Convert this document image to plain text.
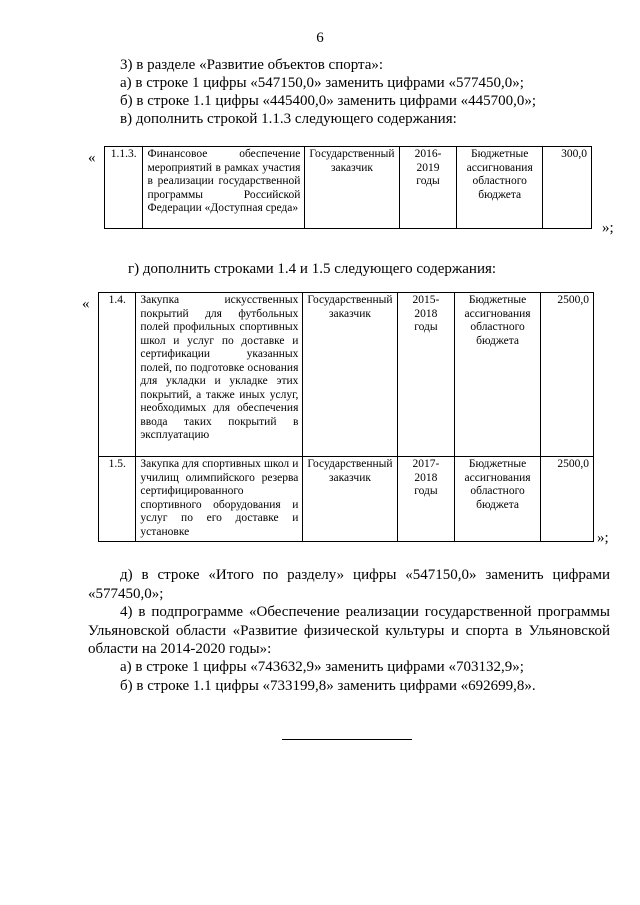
6
3) в разделе «Развитие объектов спорта»:
а) в строке 1 цифры «547150,0» заменить цифрами «577450,0»;
б) в строке 1.1 цифры «445400,0» заменить цифрами «445700,0»;
в) дополнить строкой 1.1.3 следующего содержания:
« 1.1.3.	Финансовое обеспечение мероприятий в рамках участия в реализации государственной программы Российской Федерации «Доступная среда»	Государственный заказчик	2016-2019 годы	Бюджетные ассигнования областного бюджета	300,0
»;
г) дополнить строками 1.4 и 1.5 следующего содержания:
« 1.4.	Закупка искусственных покрытий для футбольных полей профильных спортивных школ и услуг по доставке и сертификации указанных полей, по подготовке основания для укладки и укладке этих покрытий, а также иных услуг, необходимых для обеспечения ввода таких покрытий в эксплуатацию	Государственный заказчик	2015-2018 годы	Бюджетные ассигнования областного бюджета	2500,0
1.5.	Закупка для спортивных школ и училищ олимпийского резерва сертифицированного спортивного оборудования и услуг по его доставке и установке	Государственный заказчик	2017-2018 годы	Бюджетные ассигнования областного бюджета	2500,0
»;
д) в строке «Итого по разделу» цифры «547150,0» заменить цифрами «577450,0»;
4) в подпрограмме «Обеспечение реализации государственной программы Ульяновской области «Развитие физической культуры и спорта в Ульяновской области на 2014-2020 годы»:
а) в строке 1 цифры «743632,9» заменить цифрами «703132,9»;
б) в строке 1.1 цифры «733199,8» заменить цифрами «692699,8».
